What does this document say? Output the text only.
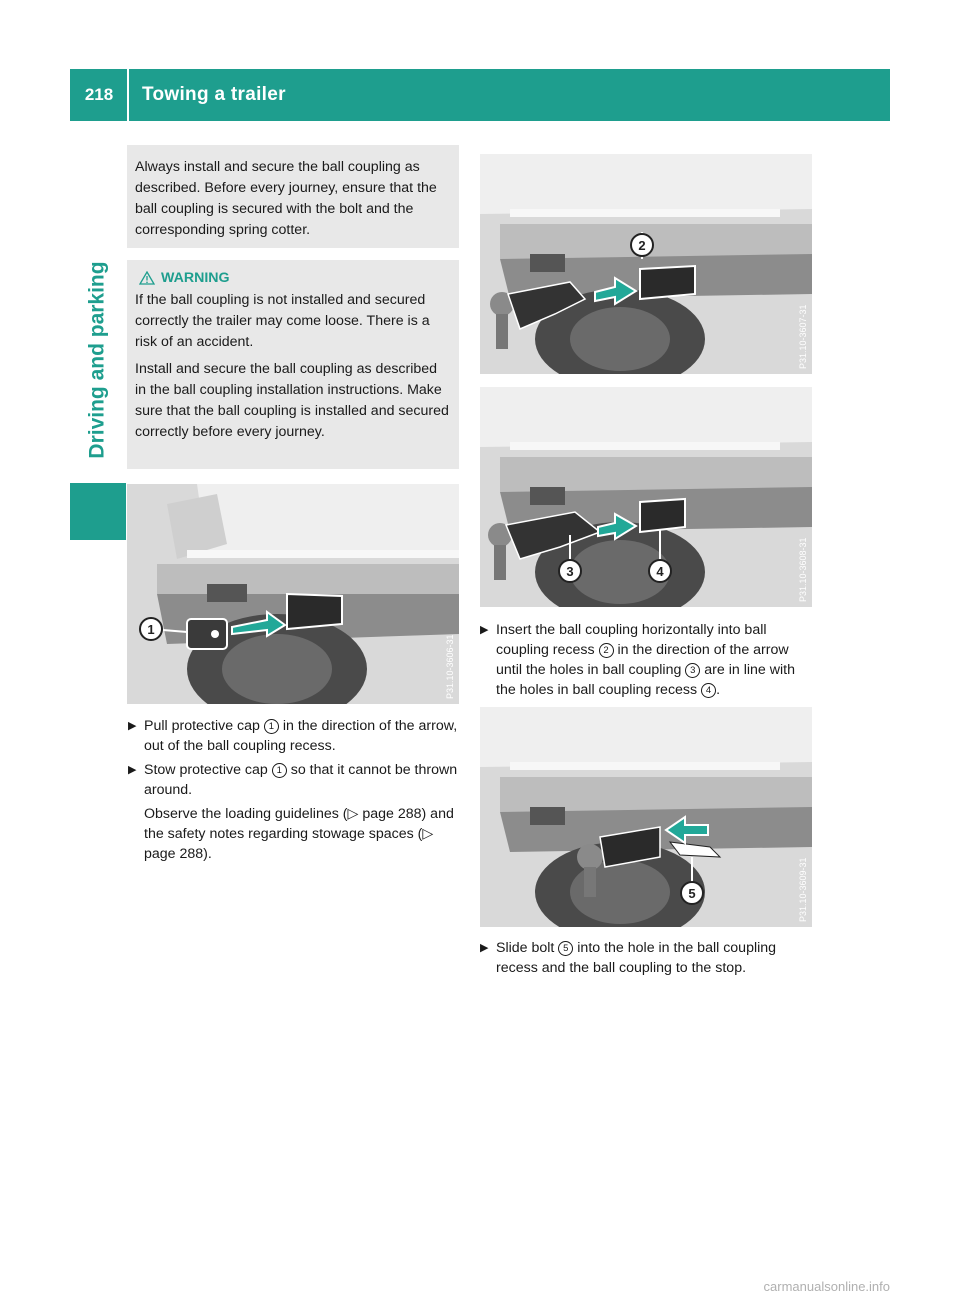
218	Towing a trailer
Driving and parking
Always install and secure the ball coupling as described. Before every journey, ensure that the ball coupling is secured with the bolt and the corresponding spring cotter.
WARNING

If the ball coupling is not installed and secured correctly the trailer may come loose. There is a risk of an accident.

Install and secure the ball coupling as described in the ball coupling installation instructions. Make sure that the ball coupling is installed and secured correctly before every journey.

1
P31.10-3606-31
▶ Pull protective cap 1 in the direction of the arrow, out of the ball coupling recess.
▶ Stow protective cap 1 so that it cannot be thrown around.
Observe the loading guidelines (▷ page 288) and the safety notes regarding stowage spaces (▷ page 288).
2
P31.10-3607-31
3	4	P31.10-3608-31
▶ Insert the ball coupling horizontally into ball coupling recess 2 in the direction of the arrow until the holes in ball coupling 3 are in line with the holes in ball coupling recess 4 .
5	P31.10-3609-31
▶ Slide bolt 5 into the hole in the ball coupling recess and the ball coupling to the stop.
carmanualsonline.info
